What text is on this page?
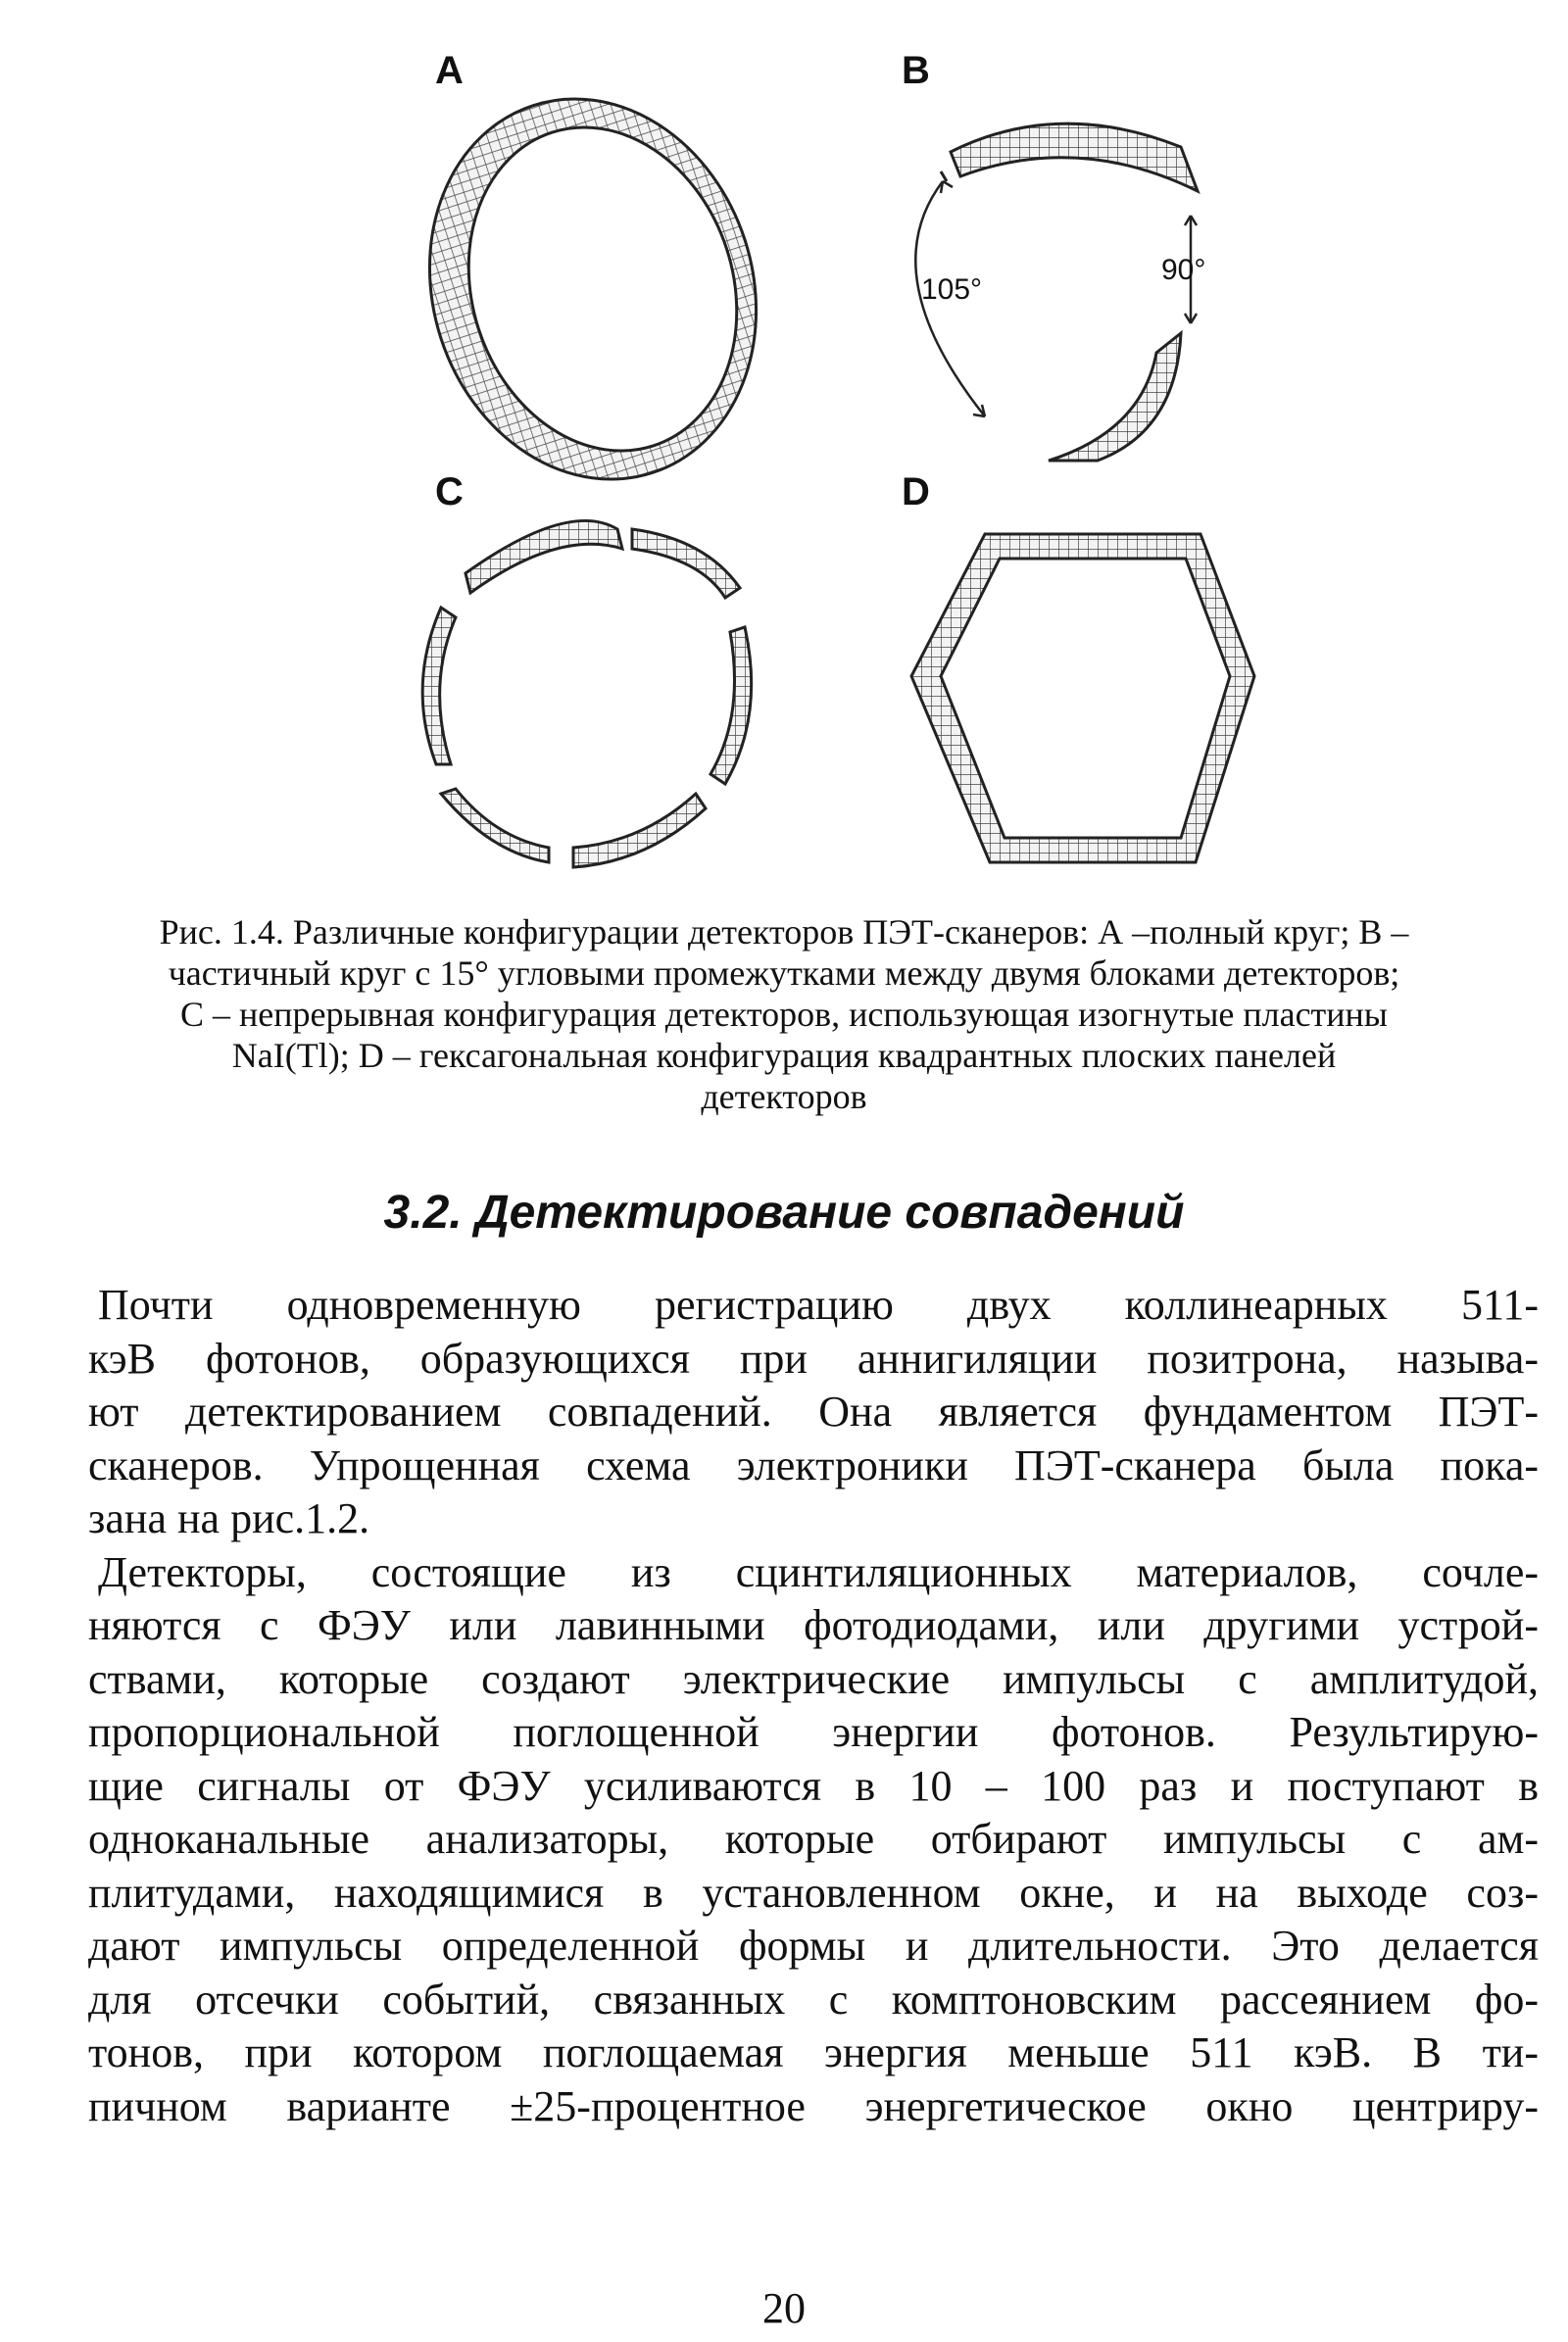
A	B
C	D
105°
90°

Рис. 1.4. Различные конфигурации детекторов ПЭТ-сканеров: А –полный круг; В –

частичный круг с 15° угловыми промежутками между двумя блоками детекторов;

С – непрерывная конфигурация детекторов, использующая изогнутые пластины

NaI(Tl); D – гексагональная конфигурация квадрантных плоских панелей

детекторов

3.2. Детектирование совпадений
Почти одновременную регистрацию двух коллинеарных 511-
кэВ фотонов, образующихся при аннигиляции позитрона, называ-
ют детектированием совпадений. Она является фундаментом ПЭТ-
сканеров. Упрощенная схема электроники ПЭТ-сканера была пока-
зана на рис.1.2.
Детекторы, состоящие из сцинтиляционных материалов, сочле-
няются с ФЭУ или лавинными фотодиодами, или другими устрой-
ствами, которые создают электрические импульсы с амплитудой,
пропорциональной поглощенной энергии фотонов. Результирую-
щие сигналы от ФЭУ усиливаются в 10 – 100 раз и поступают в
одноканальные анализаторы, которые отбирают импульсы с ам-
плитудами, находящимися в установленном окне, и на выходе соз-
дают импульсы определенной формы и длительности. Это делается
для отсечки событий, связанных с комптоновским рассеянием фо-
тонов, при котором поглощаемая энергия меньше 511 кэВ. В ти-
пичном варианте ±25-процентное энергетическое окно центриру-
20
